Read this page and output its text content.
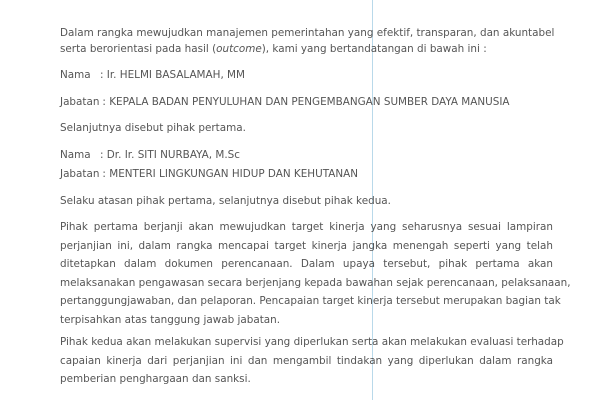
Dalam rangka mewujudkan manajemen pemerintahan yang efektif, transparan, dan akuntabel
serta berorientasi pada hasil (outcome), kami yang bertandatangan di bawah ini :
Nama : Ir. HELMI BASALAMAH, MM
Jabatan : KEPALA BADAN PENYULUHAN DAN PENGEMBANGAN SUMBER DAYA MANUSIA
Selanjutnya disebut pihak pertama.
Nama : Dr. Ir. SITI NURBAYA, M.Sc
Jabatan : MENTERI LINGKUNGAN HIDUP DAN KEHUTANAN
Selaku atasan pihak pertama, selanjutnya disebut pihak kedua.
Pihak pertama berjanji akan mewujudkan target kinerja yang seharusnya sesuai lampiran
perjanjian ini, dalam rangka mencapai target kinerja jangka menengah seperti yang telah
ditetapkan dalam dokumen perencanaan. Dalam upaya tersebut, pihak pertama akan
melaksanakan pengawasan secara berjenjang kepada bawahan sejak perencanaan, pelaksanaan,
pertanggungjawaban, dan pelaporan. Pencapaian target kinerja tersebut merupakan bagian tak
terpisahkan atas tanggung jawab jabatan.
Pihak kedua akan melakukan supervisi yang diperlukan serta akan melakukan evaluasi terhadap
capaian kinerja dari perjanjian ini dan mengambil tindakan yang diperlukan dalam rangka
pemberian penghargaan dan sanksi.
